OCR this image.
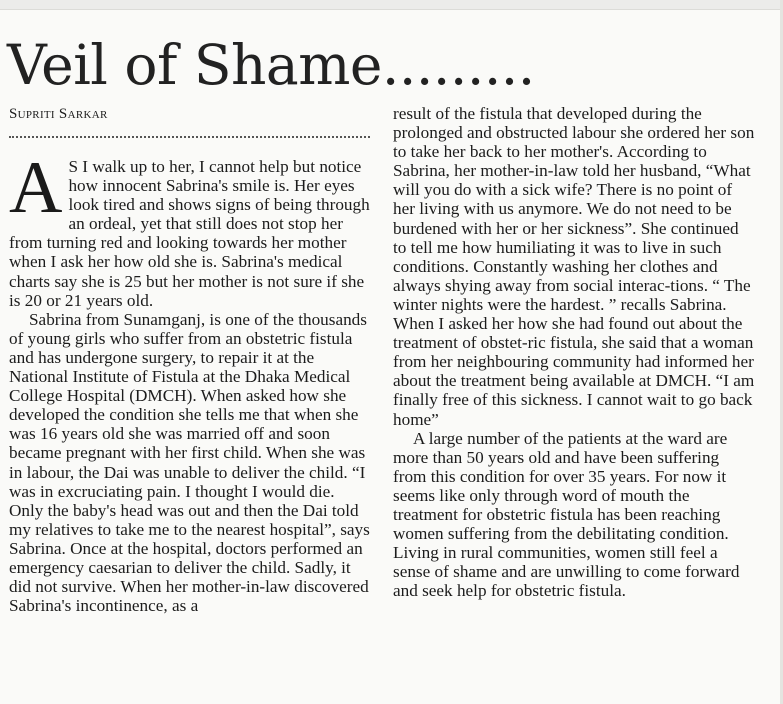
Veil of Shame.........
Supriti Sarkar

A S I walk up to her, I cannot help but notice how innocent Sabrina's smile is. Her eyes look tired and shows signs of being through an ordeal, yet that still does not stop her from turning red and looking towards her mother when I ask her how old she is. Sabrina's medical charts say she is 25 but her mother is not sure if she is 20 or 21 years old.

Sabrina from Sunamganj, is one of the thousands of young girls who suffer from an obstetric fistula and has undergone surgery, to repair it at the National Institute of Fistula at the Dhaka Medical College Hospital (DMCH). When asked how she developed the condition she tells me that when she was 16 years old she was married off and soon became pregnant with her first child. When she was in labour, the Dai was unable to deliver the child. “I was in excruciating pain. I thought I would die. Only the baby's head was out and then the Dai told my relatives to take me to the nearest hospital”, says Sabrina. Once at the hospital, doctors performed an emergency caesarian to deliver the child. Sadly, it did not survive. When her mother-in-law discovered Sabrina's incontinence, as a

result of the fistula that developed during the prolonged and obstructed labour she ordered her son to take her back to her mother's. According to Sabrina, her mother-in-law told her husband, “What will you do with a sick wife? There is no point of her living with us anymore. We do not need to be burdened with her or her sickness”. She continued to tell me how humiliating it was to live in such conditions. Constantly washing her clothes and always shying away from social interac-tions. “ The winter nights were the hardest. ” recalls Sabrina. When I asked her how she had found out about the treatment of obstet-ric fistula, she said that a woman from her neighbouring community had informed her about the treatment being available at DMCH. “I am finally free of this sickness. I cannot wait to go back home”

A large number of the patients at the ward are more than 50 years old and have been suffering from this condition for over 35 years. For now it seems like only through word of mouth the treatment for obstetric fistula has been reaching women suffering from the debilitating condition. Living in rural communities, women still feel a sense of shame and are unwilling to come forward and seek help for obstetric fistula.
